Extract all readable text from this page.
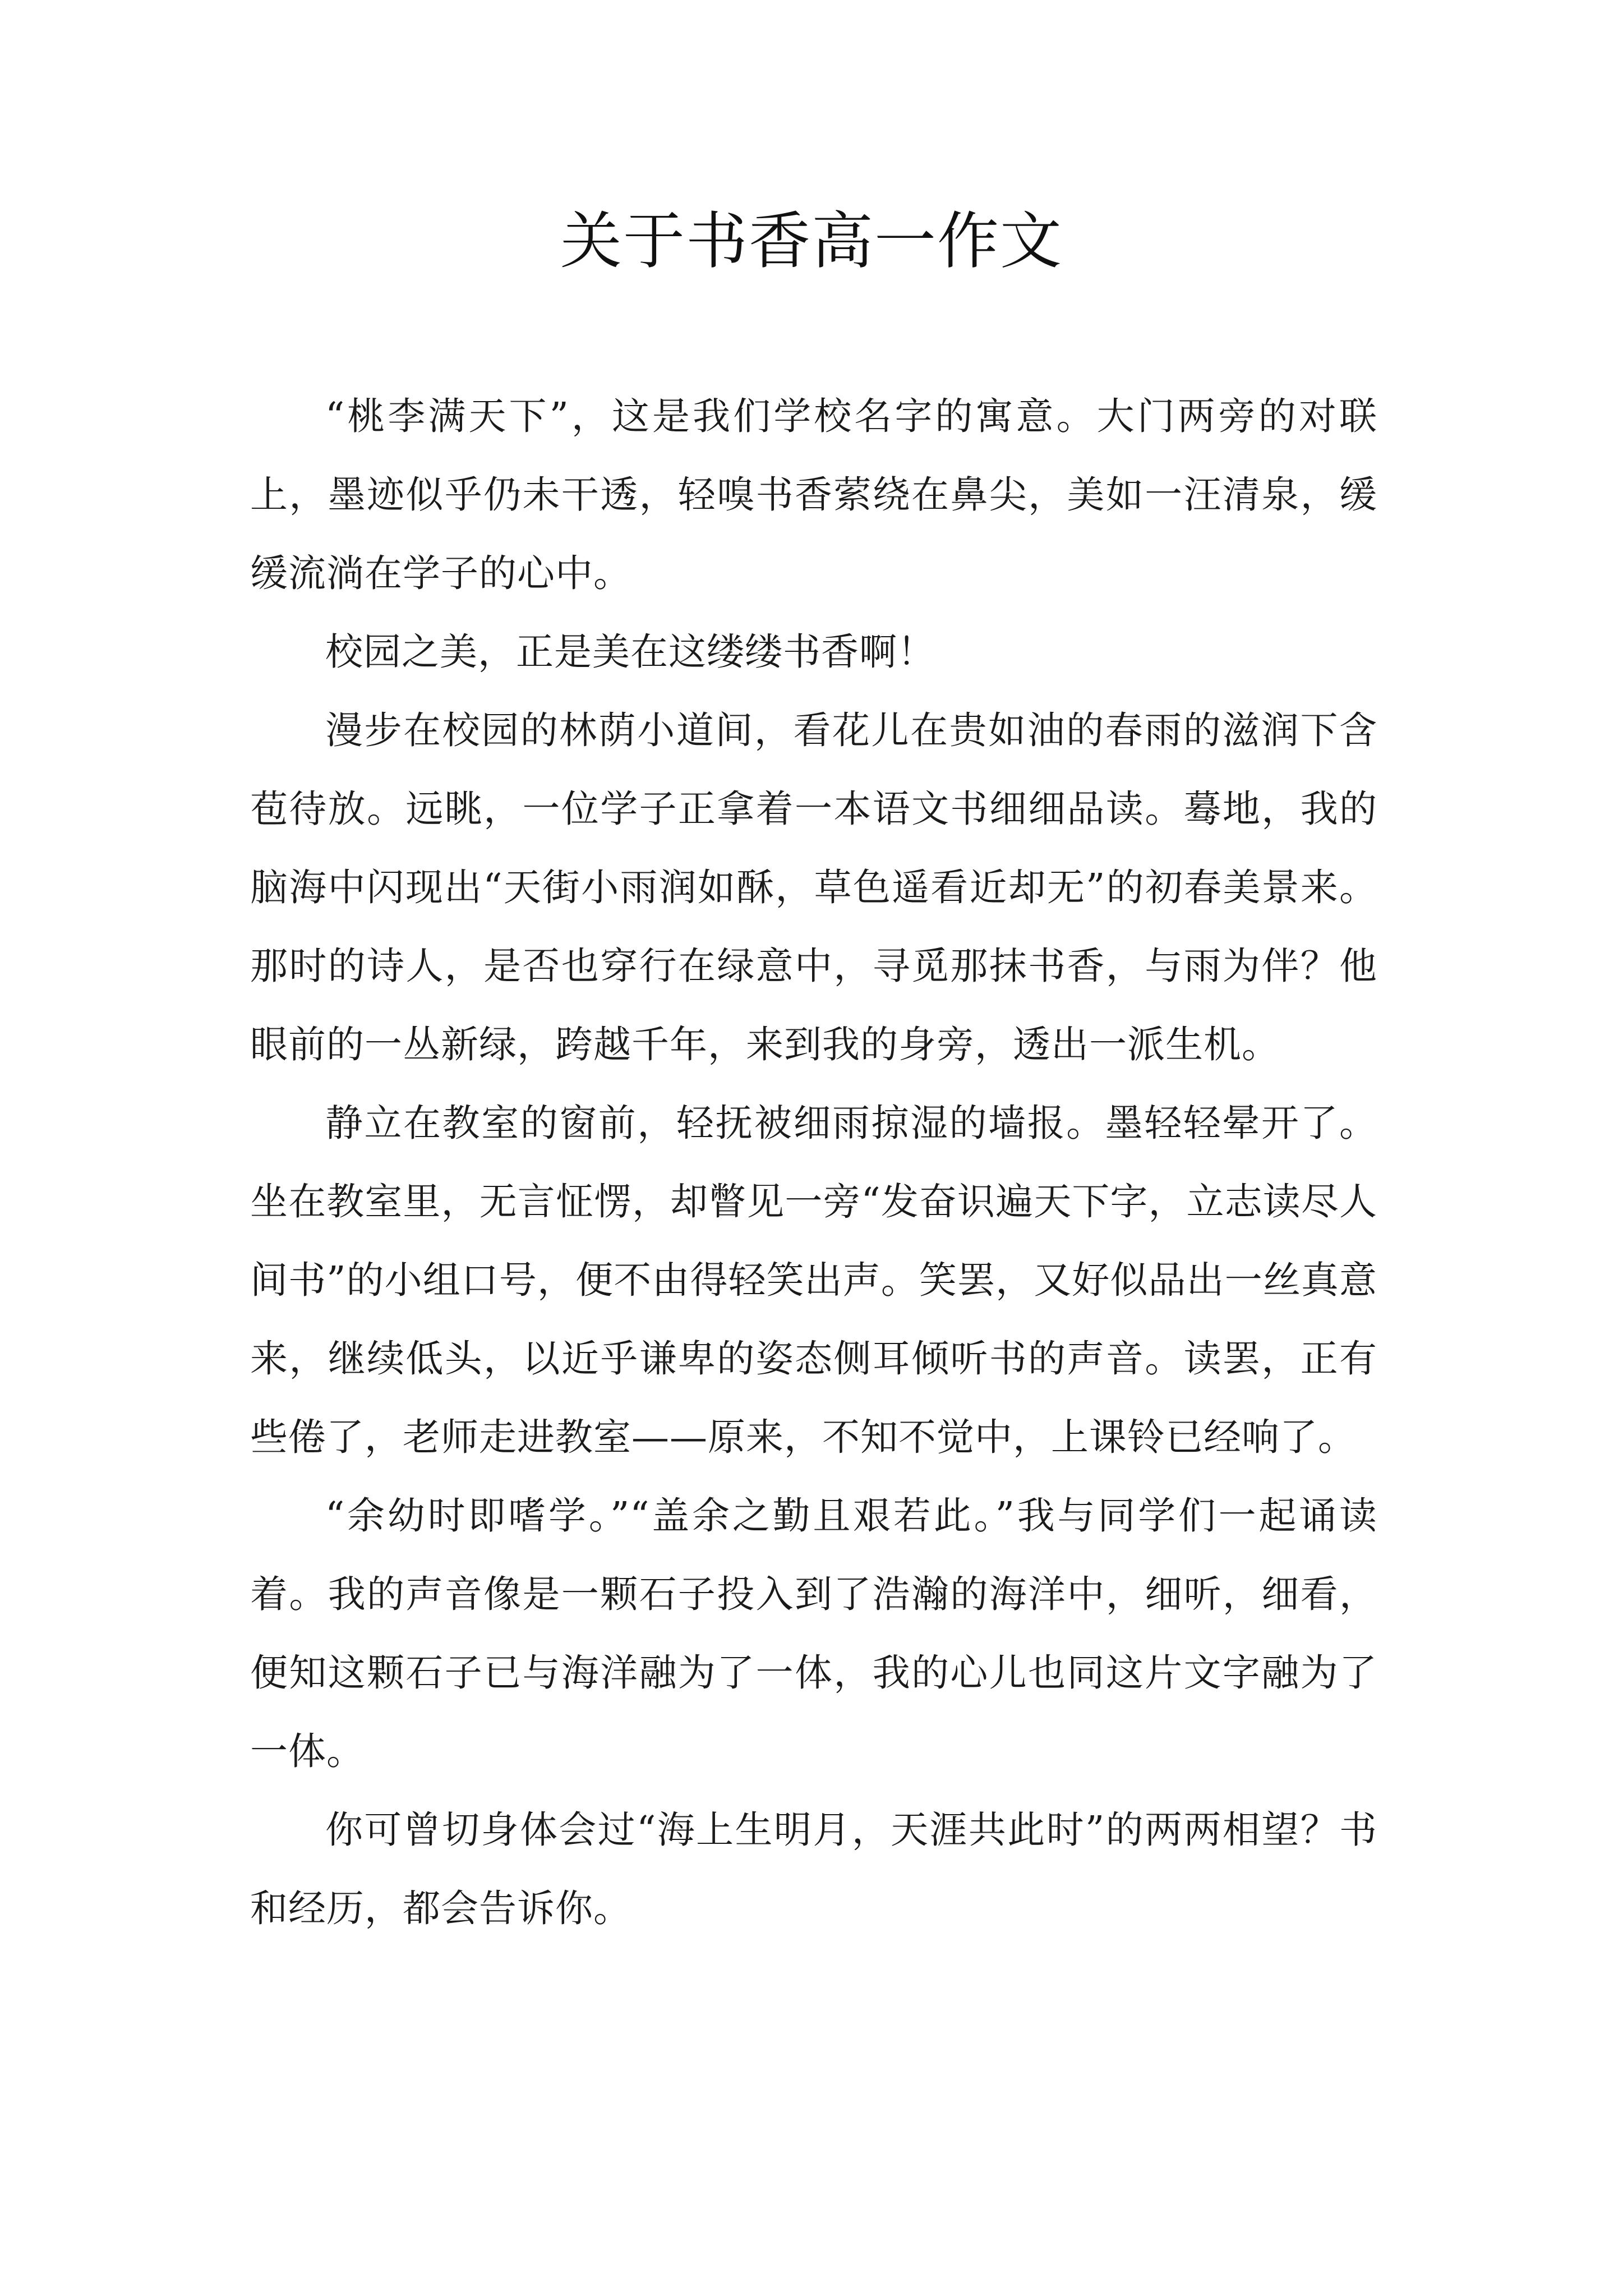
关于书香高一作文

“桃李满天下”，这是我们学校名字的寓意。大门两旁的对联上，墨迹似乎仍未干透，轻嗅书香萦绕在鼻尖，美如一汪清泉，缓缓流淌在学子的心中。

校园之美，正是美在这缕缕书香啊！

漫步在校园的林荫小道间，看花儿在贵如油的春雨的滋润下含苞待放。远眺，一位学子正拿着一本语文书细细品读。蓦地，我的脑海中闪现出“天街小雨润如酥，草色遥看近却无”的初春美景来。那时的诗人，是否也穿行在绿意中，寻觅那抹书香，与雨为伴？他眼前的一丛新绿，跨越千年，来到我的身旁，透出一派生机。

静立在教室的窗前，轻抚被细雨掠湿的墙报。墨轻轻晕开了。坐在教室里，无言怔愣，却瞥见一旁“发奋识遍天下字，立志读尽人间书”的小组口号，便不由得轻笑出声。笑罢，又好似品出一丝真意来，继续低头，以近乎谦卑的姿态侧耳倾听书的声音。读罢，正有些倦了，老师走进教室——原来，不知不觉中，上课铃已经响了。

“余幼时即嗜学。”“盖余之勤且艰若此。”我与同学们一起诵读着。我的声音像是一颗石子投入到了浩瀚的海洋中，细听，细看，便知这颗石子已与海洋融为了一体，我的心儿也同这片文字融为了一体。

你可曾切身体会过“海上生明月，天涯共此时”的两两相望？书和经历，都会告诉你。
